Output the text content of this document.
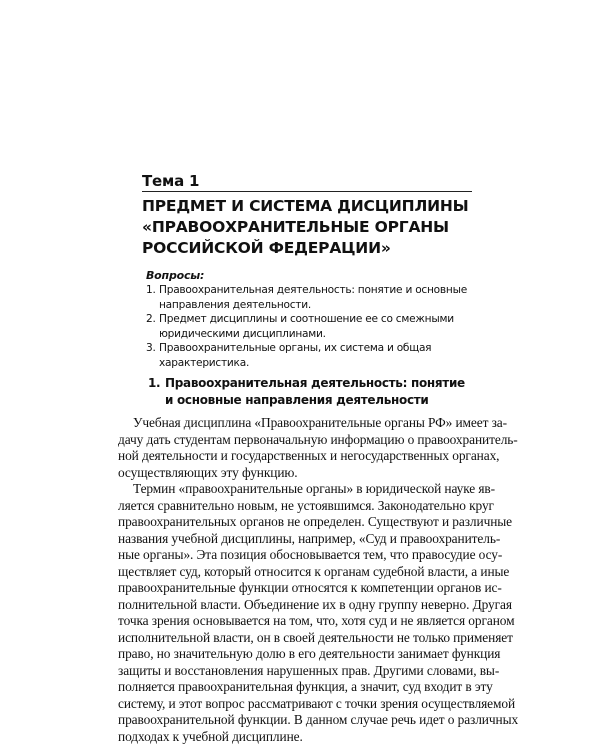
Тема 1
ПРЕДМЕТ И СИСТЕМА ДИСЦИПЛИНЫ
«ПРАВООХРАНИТЕЛЬНЫЕ ОРГАНЫ
РОССИЙСКОЙ ФЕДЕРАЦИИ»
Вопросы:
1. Правоохранительная деятельность: понятие и основные
направления деятельности.
2. Предмет дисциплины и соотношение ее со смежными
юридическими дисциплинами.
3. Правоохранительные органы, их система и общая
характеристика.
1. Правоохранительная деятельность: понятие
и основные направления деятельности
Учебная дисциплина «Правоохранительные органы РФ» имеет за-
дачу дать студентам первоначальную информацию о правоохранитель-
ной деятельности и государственных и негосударственных органах,
осуществляющих эту функцию.
Термин «правоохранительные органы» в юридической науке яв-
ляется сравнительно новым, не устоявшимся. Законодательно круг
правоохранительных органов не определен. Существуют и различные
названия учебной дисциплины, например, «Суд и правоохранитель-
ные органы». Эта позиция обосновывается тем, что правосудие осу-
ществляет суд, который относится к органам судебной власти, а иные
правоохранительные функции относятся к компетенции органов ис-
полнительной власти. Объединение их в одну группу неверно. Другая
точка зрения основывается на том, что, хотя суд и не является органом
исполнительной власти, он в своей деятельности не только применяет
право, но значительную долю в его деятельности занимает функция
защиты и восстановления нарушенных прав. Другими словами, вы-
полняется правоохранительная функция, а значит, суд входит в эту
систему, и этот вопрос рассматривают с точки зрения осуществляемой
правоохранительной функции. В данном случае речь идет о различных
подходах к учебной дисциплине.
